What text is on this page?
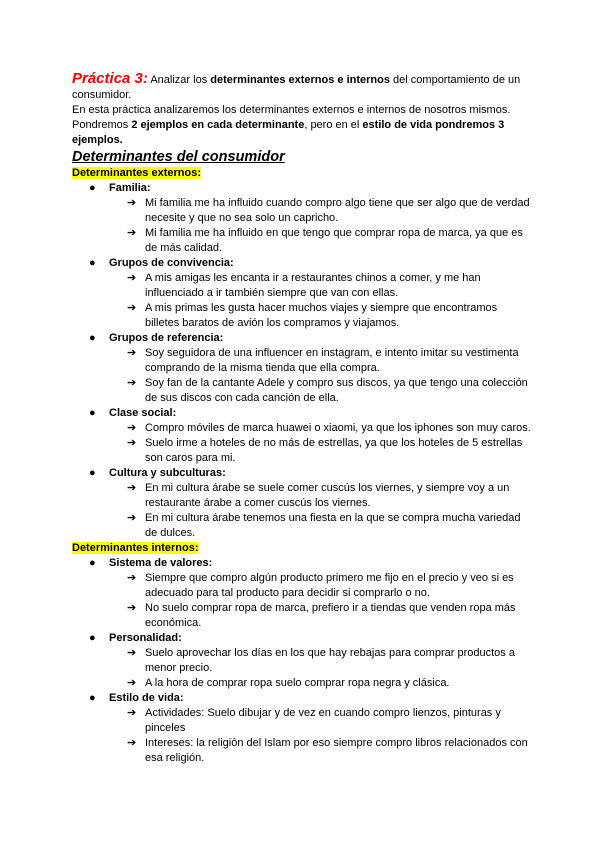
Práctica 3: Analizar los determinantes externos e internos del comportamiento de un consumidor.
En esta práctica analizaremos los determinantes externos e internos de nosotros mismos.
Pondremos 2 ejemplos en cada determinante, pero en el estilo de vida pondremos 3 ejemplos.

Determinantes del consumidor

Determinantes externos:

●	Familia:
➔ Mi familia me ha influido cuando compro algo tiene que ser algo que de verdad necesite y que no sea solo un capricho.
➔ Mi familia me ha influido en que tengo que comprar ropa de marca, ya que es de más calidad.
●	Grupos de convivencia:
➔ A mis amigas les encanta ir a restaurantes chinos a comer, y me han influenciado a ir también siempre que van con ellas.
➔ A mis primas les gusta hacer muchos viajes y siempre que encontramos billetes baratos de avión los compramos y viajamos.
●	Grupos de referencia:
➔ Soy seguidora de una influencer en instagram, e intento imitar su vestimenta comprando de la misma tienda que ella compra.
➔ Soy fan de la cantante Adele y compro sus discos, ya que tengo una colección de sus discos con cada canción de ella.
●	Clase social:
➔ Compro móviles de marca huawei o xiaomi, ya que los iphones son muy caros.
➔ Suelo irme a hoteles de no más de estrellas, ya que los hoteles de 5 estrellas son caros para mi.
●	Cultura y subculturas:
➔ En mi cultura árabe se suele comer cuscús los viernes, y siempre voy a un restaurante árabe a comer cuscús los viernes.
➔ En mi cultura árabe tenemos una fiesta en la que se compra mucha variedad de dulces.

Determinantes internos:

●	Sistema de valores:
➔ Siempre que compro algún producto primero me fijo en el precio y veo si es adecuado para tal producto para decidir si comprarlo o no.
➔ No suelo comprar ropa de marca, prefiero ir a tiendas que venden ropa más económica.
●	Personalidad:
➔ Suelo aprovechar los días en los que hay rebajas para comprar productos a menor precio.
➔ A la hora de comprar ropa suelo comprar ropa negra y clásica.
●	Estilo de vida:
➔ Actividades: Suelo dibujar y de vez en cuando compro lienzos, pinturas y pinceles
➔ Intereses: la religión del Islam por eso siempre compro libros relacionados con esa religión.
